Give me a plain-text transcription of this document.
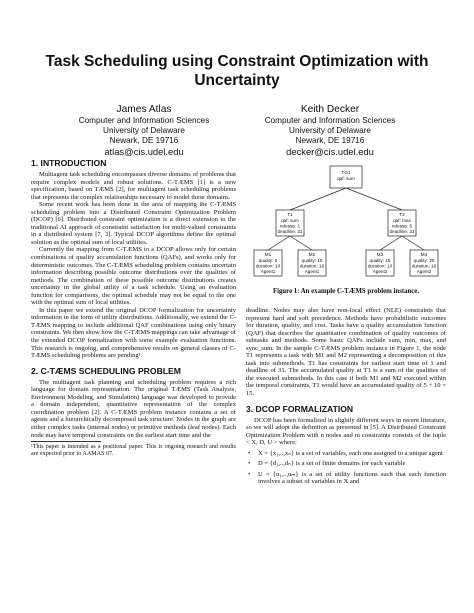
Task Scheduling using Constraint Optimization with
Uncertainty
James Atlas
Computer and Information Sciences
University of Delaware
Newark, DE 19716
atlas@cis.udel.edu
Keith Decker
Computer and Information Sciences
University of Delaware
Newark, DE 19716
decker@cis.udel.edu
1. INTRODUCTION

Multiagent task scheduling encompasses diverse domains of problems that require complex models and robust solutions. C-TÆMS [1] is a new specification, based on TÆMS [2], for multiagent task scheduling problems that represents the complex relationships necessary to model these domains.

Some recent work has been done in the area of mapping the C-TÆMS scheduling problem into a Distributed Constraint Optimization Problem (DCOP) [6]. Distributed constraint optimization is a direct extension to the traditional AI approach of constraint satisfaction for multi-valued constraints in a distributed system [7, 3]. Typical DCOP algorithms define the optimal solution as the optimal sum of local utilities.

Currently the mapping from C-TÆMS to a DCOP allows only for certain combinations of quality accumulation functions (QAFs), and works only for deterministic outcomes. The C-TÆMS scheduling problem contains uncertain information describing possible outcome distributions over the qualities of methods. The combination of these possible outcome distributions creates uncertainty in the global utility of a task schedule. Using an evaluation function for comparisons, the optimal schedule may not be equal to the one with the optimal sum of local utilities.

In this paper we extend the original DCOP formalization for uncertainty information in the form of utility distributions. Additionally, we extend the C-TÆMS mapping to include additional QAF combinations using only binary constraints. We then show how the C-TÆMS mappings can take advantage of the extended DCOP formalization with some example evaluation functions. This research is ongoing, and comprehensive results on general classes of C-TÆMS scheduling problems are pending¹.

2. C-TÆMS SCHEDULING PROBLEM

The multiagent task planning and scheduling problem requires a rich language for domain representation. The original TÆMS (Task Analysis, Environment Modeling, and Simulation) language was developed to provide a domain independent, quantitative representation of the complex coordination problem [2]. A C-TÆMS problem instance contains a set of agents and a hierarchically decomposed task structure. Nodes in the graph are either complex tasks (internal nodes) or primitive methods (leaf nodes). Each node may have temporal constraints on the earliest start time and the

¹This paper is intended as a positional paper. This is ongoing research and results are expected prior to AAMAS 07.

TG1
qaf: sum
T1
qaf: sum
release: 1
deadline: 31
T2
qaf: max
release: 5
deadline: 31
M1
quality: 5
duration: 10
Agent1
M2
quality: 10
duration: 10
Agent1
M3
quality: 15
duration: 10
Agent2
M4
quality: 20
duration: 10
Agent2
Figure 1: An example C-TÆMS problem instance.

deadline. Nodes may also have non-local effect (NLE) constraints that represent hard and soft precedence. Methods have probabilistic outcomes for duration, quality, and cost. Tasks have a quality accumulation function (QAF) that describes the quantitative combination of quality outcomes of subtasks and methods. Some basic QAFs include sum, min, max, and sync_sum. In the sample C-TÆMS problem instance in Figure 1, the node T1 represents a task with M1 and M2 representing a decomposition of this task into submethods. T1 has constraints for earliest start time of 1 and deadline of 31. The accumulated quality at T1 is a sum of the qualities of the executed submethods. In this case if both M1 and M2 executed within the temporal constraints, T1 would have an accumulated quality of 5 + 10 = 15.

3. DCOP FORMALIZATION

DCOP has been formalized in slightly different ways in recent literature, so we will adopt the definition as presented in [5]. A Distributed Constraint Optimization Problem with n nodes and m constraints consists of the tuple < X, D, U > where:

•	X = {x₁,..,xₙ} is a set of variables, each one assigned to a unique agent
•	D = {d₁,..,dₙ} is a set of finite domains for each variable
•	U = {u₁,..,uₘ} is a set of utility functions such that each function involves a subset of variables in X and
